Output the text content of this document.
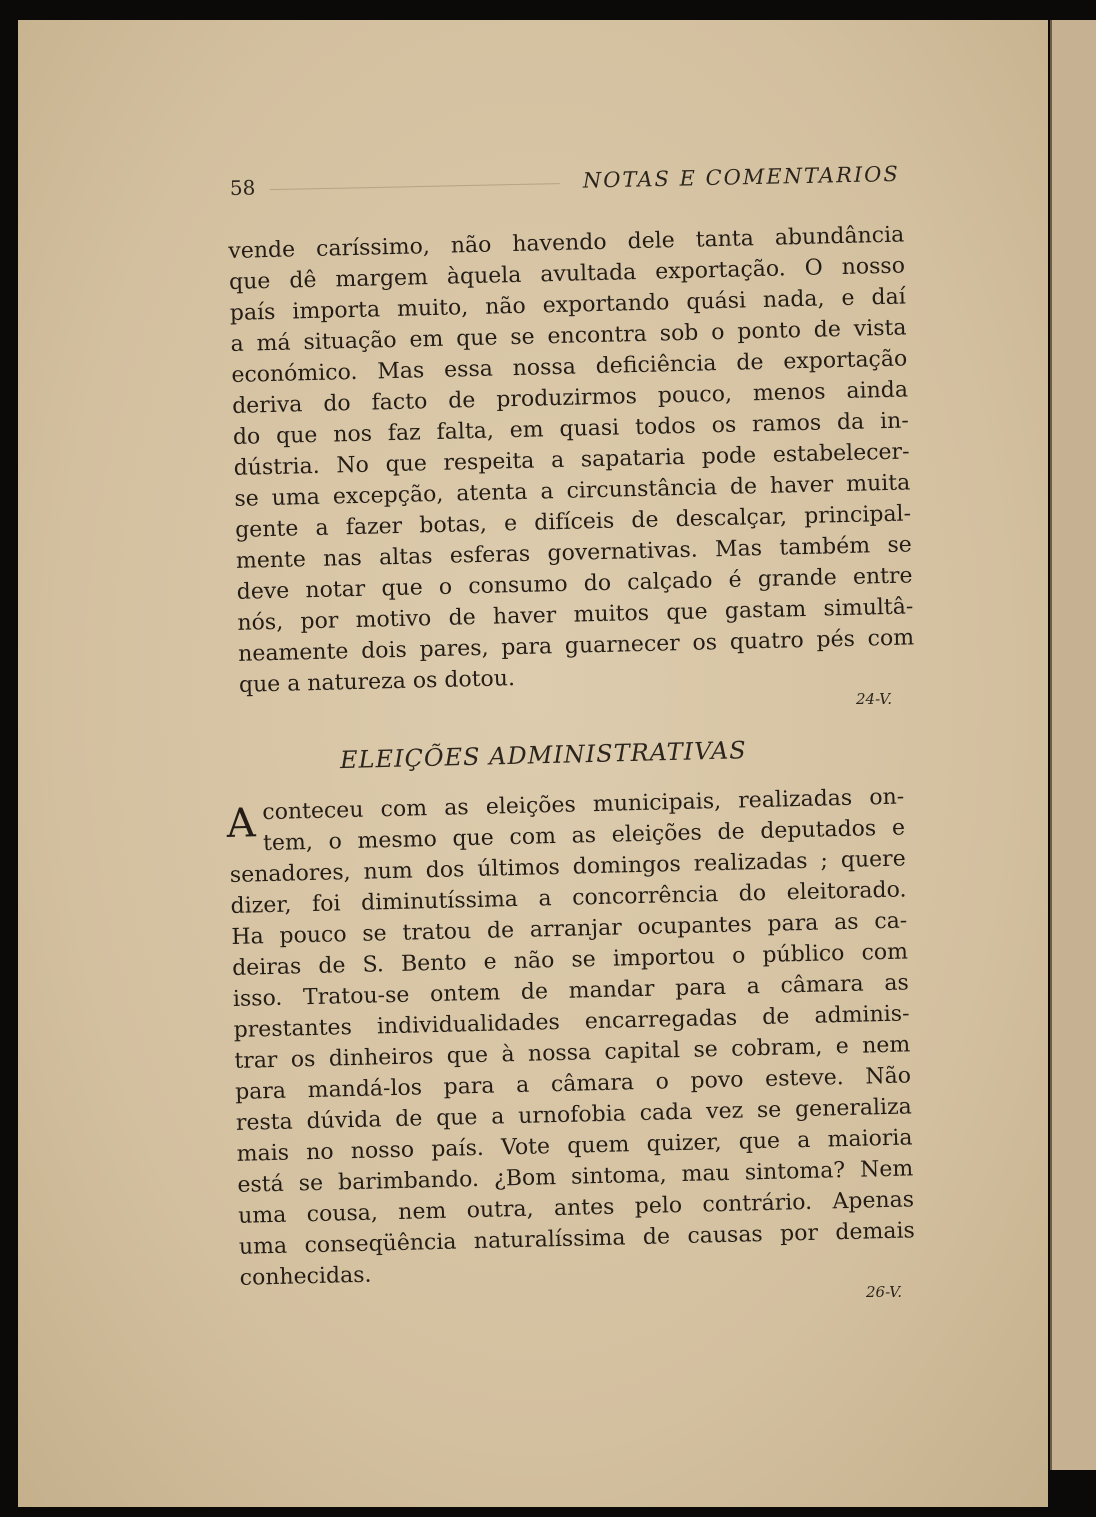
58	NOTAS E COMENTARIOS
vende caríssimo, não havendo dele tanta abundância
que dê margem àquela avultada exportação. O nosso
país importa muito, não exportando quási nada, e daí
a má situação em que se encontra sob o ponto de vista
económico. Mas essa nossa deficiência de exportação
deriva do facto de produzirmos pouco, menos ainda
do que nos faz falta, em quasi todos os ramos da in-
dústria. No que respeita a sapataria pode estabelecer-
se uma excepção, atenta a circunstância de haver muita
gente a fazer botas, e difíceis de descalçar, principal-
mente nas altas esferas governativas. Mas também se
deve notar que o consumo do calçado é grande entre
nós, por motivo de haver muitos que gastam simultâ-
neamente dois pares, para guarnecer os quatro pés com
que a natureza os dotou.
24-V.
ELEIÇÕES ADMINISTRATIVAS
A conteceu com as eleições municipais, realizadas on-
tem, o mesmo que com as eleições de deputados e
senadores, num dos últimos domingos realizadas ; quere
dizer, foi diminutíssima a concorrência do eleitorado.
Ha pouco se tratou de arranjar ocupantes para as ca-
deiras de S. Bento e não se importou o público com
isso. Tratou-se ontem de mandar para a câmara as
prestantes individualidades encarregadas de adminis-
trar os dinheiros que à nossa capital se cobram, e nem
para mandá-los para a câmara o povo esteve. Não
resta dúvida de que a urnofobia cada vez se generaliza
mais no nosso país. Vote quem quizer, que a maioria
está se barimbando. ¿Bom sintoma, mau sintoma? Nem
uma cousa, nem outra, antes pelo contrário. Apenas
uma conseqüência naturalíssima de causas por demais
conhecidas.
26-V.
